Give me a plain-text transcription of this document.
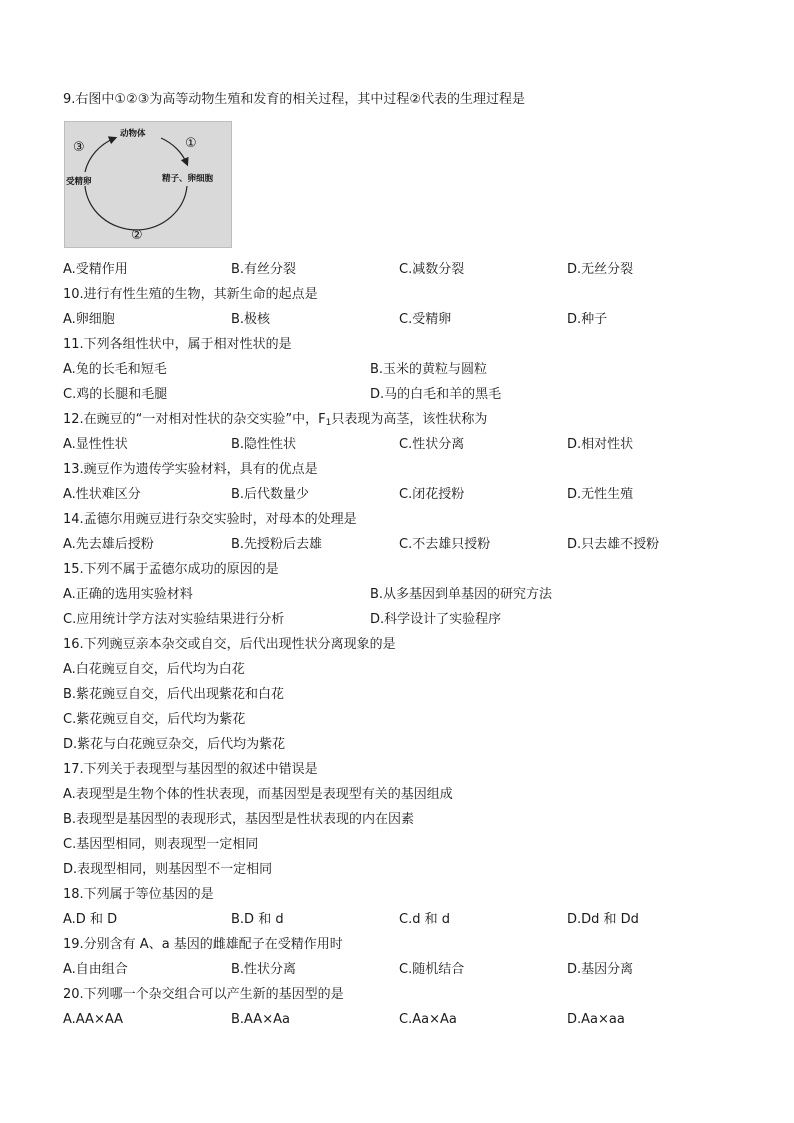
9.右图中①②③为高等动物生殖和发育的相关过程，其中过程②代表的生理过程是
动物体
精子、卵细胞
受精卵
①
②
③
A.受精作用	B.有丝分裂	C.减数分裂	D.无丝分裂
10.进行有性生殖的生物，其新生命的起点是
A.卵细胞	B.极核	C.受精卵	D.种子
11.下列各组性状中，属于相对性状的是
A.兔的长毛和短毛	B.玉米的黄粒与圆粒
C.鸡的长腿和毛腿	D.马的白毛和羊的黑毛
12.在豌豆的“一对相对性状的杂交实验”中，$F_1$只表现为高茎，该性状称为
A.显性性状	B.隐性性状	C.性状分离	D.相对性状
13.豌豆作为遗传学实验材料，具有的优点是
A.性状难区分	B.后代数量少	C.闭花授粉	D.无性生殖
14.孟德尔用豌豆进行杂交实验时，对母本的处理是
A.先去雄后授粉	B.先授粉后去雄	C.不去雄只授粉	D.只去雄不授粉
15.下列不属于孟德尔成功的原因的是
A.正确的选用实验材料	B.从多基因到单基因的研究方法
C.应用统计学方法对实验结果进行分析	D.科学设计了实验程序
16.下列豌豆亲本杂交或自交，后代出现性状分离现象的是
A.白花豌豆自交，后代均为白花
B.紫花豌豆自交，后代出现紫花和白花
C.紫花豌豆自交，后代均为紫花
D.紫花与白花豌豆杂交，后代均为紫花
17.下列关于表现型与基因型的叙述中错误是
A.表现型是生物个体的性状表现，而基因型是表现型有关的基因组成
B.表现型是基因型的表现形式，基因型是性状表现的内在因素
C.基因型相同，则表现型一定相同
D.表现型相同，则基因型不一定相同
18.下列属于等位基因的是
A.D 和 D	B.D 和 d	C.d 和 d	D.Dd 和 Dd
19.分别含有 A、a 基因的雌雄配子在受精作用时
A.自由组合	B.性状分离	C.随机结合	D.基因分离
20.下列哪一个杂交组合可以产生新的基因型的是
A.AA×AA	B.AA×Aa	C.Aa×Aa	D.Aa×aa
